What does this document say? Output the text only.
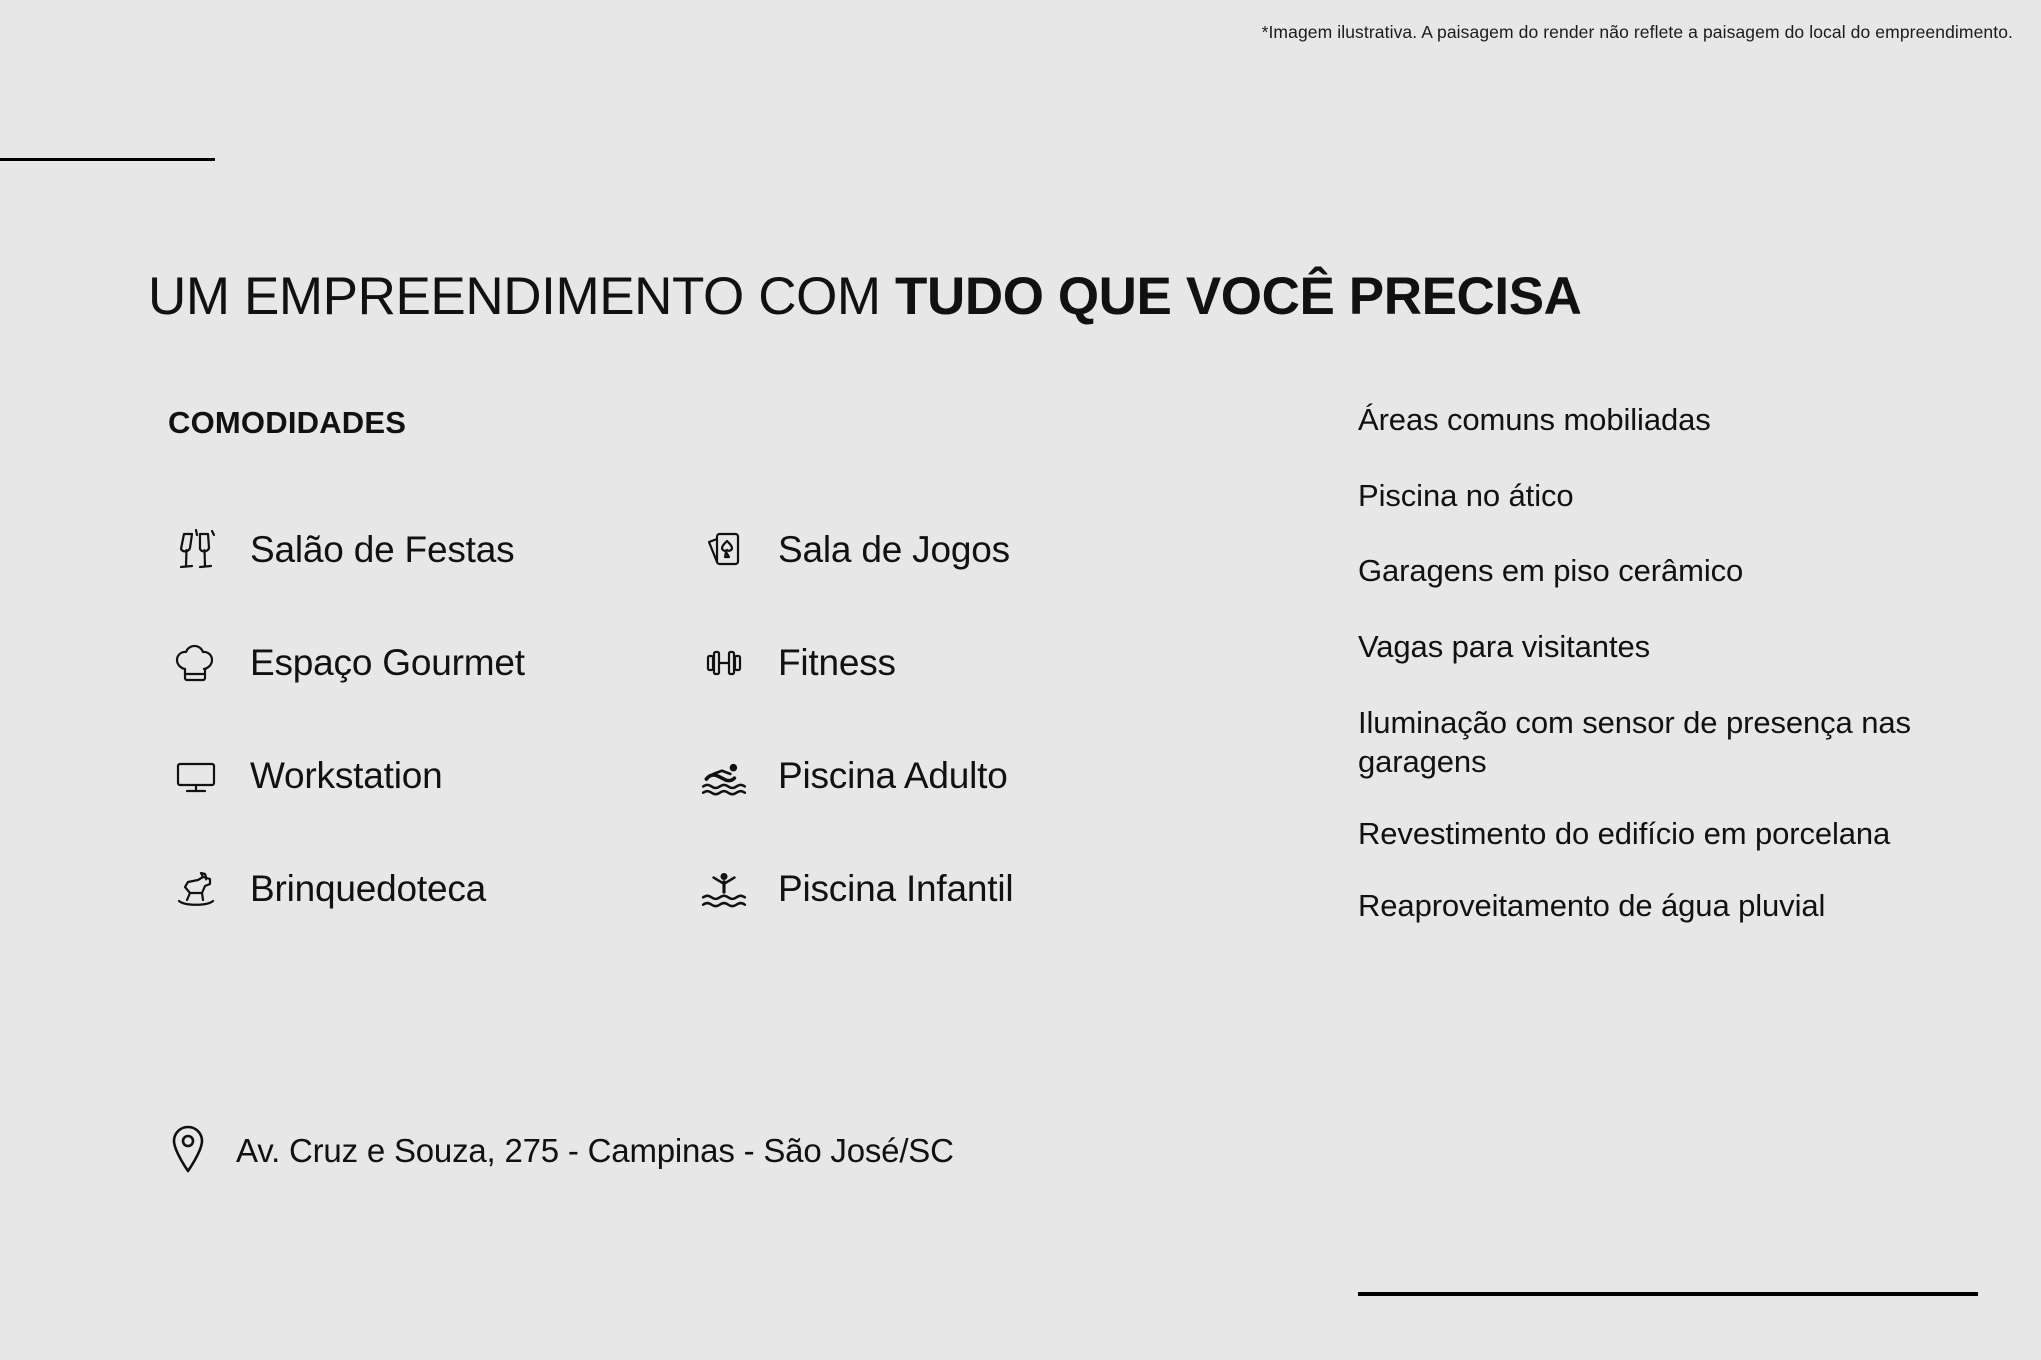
*Imagem ilustrativa. A paisagem do render não reflete a paisagem do local do empreendimento.
UM EMPREENDIMENTO COM TUDO QUE VOCÊ PRECISA
COMODIDADES
Salão de Festas	Sala de Jogos
Espaço Gourmet	Fitness
Workstation	Piscina Adulto
Brinquedoteca	Piscina Infantil
Av. Cruz e Souza, 275 - Campinas - São José/SC

Áreas comuns mobiliadas

Piscina no ático

Garagens em piso cerâmico

Vagas para visitantes

Iluminação com sensor de presença nas garagens

Revestimento do edifício em porcelana

Reaproveitamento de água pluvial
